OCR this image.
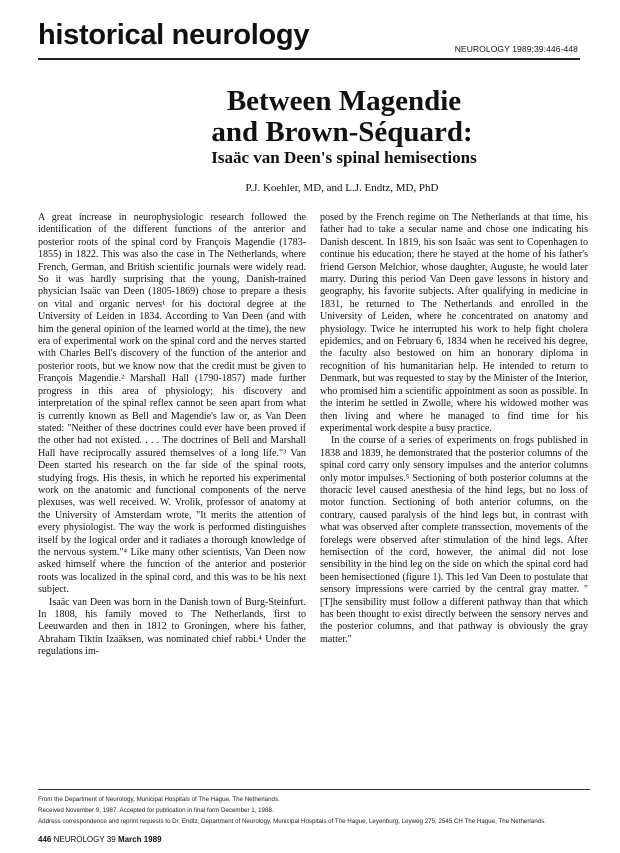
historical neurology	NEUROLOGY 1989;39:446-448
Between Magendie
and Brown-Séquard:
Isaäc van Deen's spinal hemisections
P.J. Koehler, MD, and L.J. Endtz, MD, PhD

A great increase in neurophysiologic research followed the identification of the different functions of the anterior and posterior roots of the spinal cord by François Magendie (1783-1855) in 1822. This was also the case in The Netherlands, where French, German, and British scientific journals were widely read. So it was hardly surprising that the young, Danish-trained physician Isaäc van Deen (1805-1869) chose to prepare a thesis on vital and organic nerves¹ for his doctoral degree at the University of Leiden in 1834. According to Van Deen (and with him the general opinion of the learned world at the time), the new era of experimental work on the spinal cord and the nerves started with Charles Bell's discovery of the function of the anterior and posterior roots, but we know now that the credit must be given to François Magendie.² Marshall Hall (1790-1857) made further progress in this area of physiology; his discovery and interpretation of the spinal reflex cannot be seen apart from what is currently known as Bell and Magendie's law or, as Van Deen stated: "Neither of these doctrines could ever have been proved if the other had not existed. . . . The doctrines of Bell and Marshall Hall have reciprocally assured themselves of a long life."³ Van Deen started his research on the far side of the spinal roots, studying frogs. His thesis, in which he reported his experimental work on the anatomic and functional components of the nerve plexuses, was well received. W. Vrolik, professor of anatomy at the University of Amsterdam wrote, "It merits the attention of every physiologist. The way the work is performed distinguishes itself by the logical order and it radiates a thorough knowledge of the nervous system."⁴ Like many other scientists, Van Deen now asked himself where the function of the anterior and posterior roots was localized in the spinal cord, and this was to be his next subject.

Isaäc van Deen was born in the Danish town of Burg-Steinfurt. In 1808, his family moved to The Netherlands, first to Leeuwarden and then in 1812 to Groningen, where his father, Abraham Tiktin Izaäksen, was nominated chief rabbi.⁴ Under the regulations im-

posed by the French regime on The Netherlands at that time, his father had to take a secular name and chose one indicating his Danish descent. In 1819, his son Isaäc was sent to Copenhagen to continue his education; there he stayed at the home of his father's friend Gerson Melchior, whose daughter, Auguste, he would later marry. During this period Van Deen gave lessons in history and geography, his favorite subjects. After qualifying in medicine in 1831, he returned to The Netherlands and enrolled in the University of Leiden, where he concentrated on anatomy and physiology. Twice he interrupted his work to help fight cholera epidemics, and on February 6, 1834 when he received his degree, the faculty also bestowed on him an honorary diploma in recognition of his humanitarian help. He intended to return to Denmark, but was requested to stay by the Minister of the Interior, who promised him a scientific appointment as soon as possible. In the interim he settled in Zwolle, where his widowed mother was then living and where he managed to find time for his experimental work despite a busy practice.

In the course of a series of experiments on frogs published in 1838 and 1839, he demonstrated that the posterior columns of the spinal cord carry only sensory impulses and the anterior columns only motor impulses.⁵ Sectioning of both posterior columns at the thoracic level caused anesthesia of the hind legs, but no loss of motor function. Sectioning of both anterior columns, on the contrary, caused paralysis of the hind legs but, in contrast with what was observed after complete transsection, movements of the forelegs were observed after stimulation of the hind legs. After hemisection of the cord, however, the animal did not lose sensibility in the hind leg on the side on which the spinal cord had been hemisectioned (figure 1). This led Van Deen to postulate that sensory impressions were carried by the central gray matter. "[T]he sensibility must follow a different pathway than that which has been thought to exist directly between the sensory nerves and the posterior columns, and that pathway is obviously the gray matter."

From the Department of Neurology, Municipal Hospitals of The Hague, The Netherlands.
Received November 9, 1987. Accepted for publication in final form December 1, 1988.
Address correspondence and reprint requests to Dr. Endtz, Department of Neurology, Municipal Hospitals of The Hague, Leyenburg, Leyweg 275, 2545 CH The Hague, The Netherlands.
446 NEUROLOGY 39 March 1989
